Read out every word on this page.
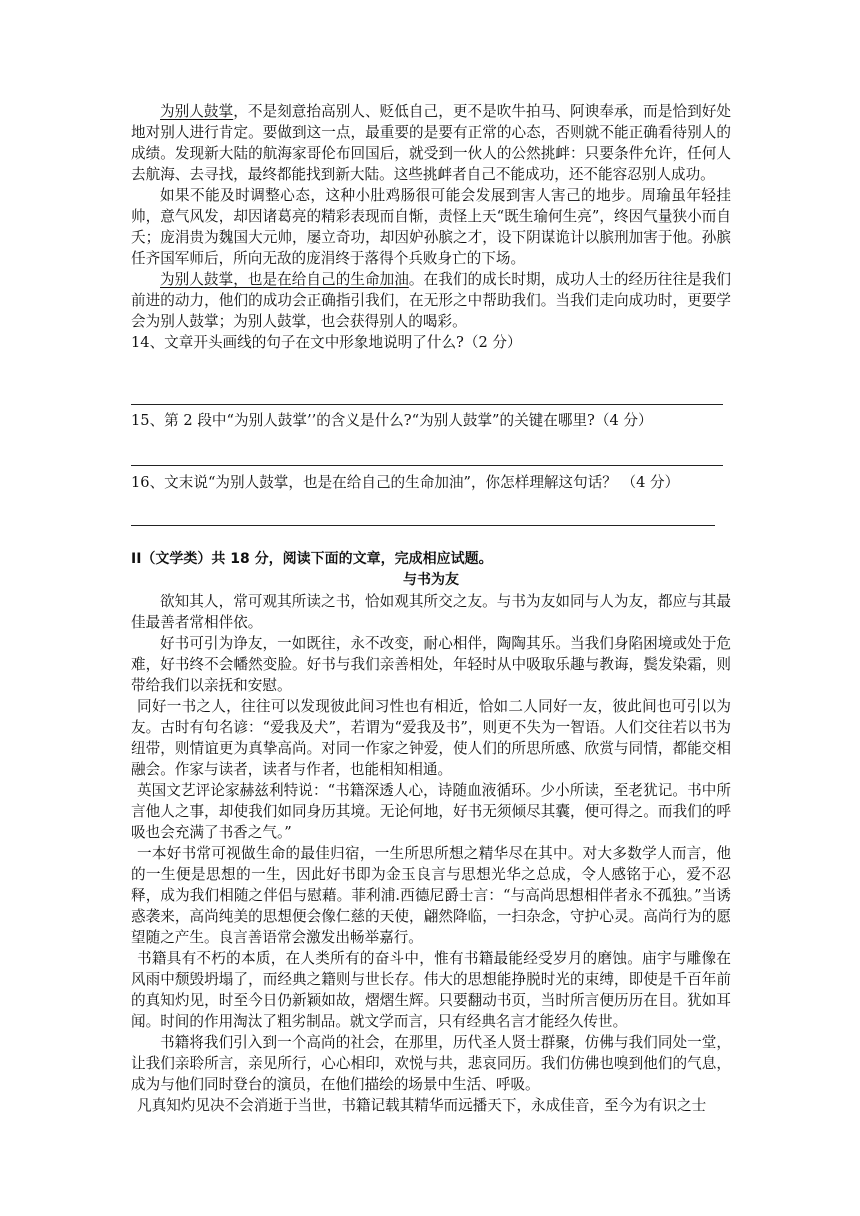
为别人鼓掌，不是刻意抬高别人、贬低自己，更不是吹牛拍马、阿谀奉承，而是恰到好处地对别人进行肯定。要做到这一点，最重要的是要有正常的心态，否则就不能正确看待别人的成绩。发现新大陆的航海家哥伦布回国后，就受到一伙人的公然挑衅：只要条件允许，任何人去航海、去寻找，最终都能找到新大陆。这些挑衅者自己不能成功，还不能容忍别人成功。

如果不能及时调整心态，这种小肚鸡肠很可能会发展到害人害己的地步。周瑜虽年轻挂帅，意气风发，却因诸葛亮的精彩表现而自惭，责怪上天“既生瑜何生亮”，终因气量狭小而自夭；庞涓贵为魏国大元帅，屡立奇功，却因妒孙膑之才，设下阴谋诡计以膑刑加害于他。孙膑任齐国军师后，所向无敌的庞涓终于落得个兵败身亡的下场。

为别人鼓掌，也是在给自己的生命加油。在我们的成长时期，成功人士的经历往往是我们前进的动力，他们的成功会正确指引我们，在无形之中帮助我们。当我们走向成功时，更要学会为别人鼓掌；为别人鼓掌，也会获得别人的喝彩。

14、文章开头画线的句子在文中形象地说明了什么?（2 分）

15、第 2 段中“为别人鼓掌’’的含义是什么?“为别人鼓掌”的关键在哪里?（4 分）

16、文末说“为别人鼓掌，也是在给自己的生命加油”，你怎样理解这句话？ （4 分）

II（文学类）共 18 分，阅读下面的文章，完成相应试题。

与书为友

欲知其人，常可观其所读之书，恰如观其所交之友。与书为友如同与人为友，都应与其最佳最善者常相伴依。

好书可引为诤友，一如既往，永不改变，耐心相伴，陶陶其乐。当我们身陷困境或处于危难，好书终不会幡然变脸。好书与我们亲善相处，年轻时从中吸取乐趣与教诲，鬓发染霜，则带给我们以亲抚和安慰。

同好一书之人，往往可以发现彼此间习性也有相近，恰如二人同好一友，彼此间也可引以为友。古时有句名谚：“爱我及犬”，若谓为“爱我及书”，则更不失为一智语。人们交往若以书为纽带，则情谊更为真挚高尚。对同一作家之钟爱，使人们的所思所感、欣赏与同情，都能交相融会。作家与读者，读者与作者，也能相知相通。

英国文艺评论家赫兹利特说：“书籍深透人心，诗随血液循环。少小所读，至老犹记。书中所言他人之事，却使我们如同身历其境。无论何地，好书无须倾尽其囊，便可得之。而我们的呼吸也会充满了书香之气。”

一本好书常可视做生命的最佳归宿，一生所思所想之精华尽在其中。对大多数学人而言，他的一生便是思想的一生，因此好书即为金玉良言与思想光华之总成，令人感铭于心，爱不忍释，成为我们相随之伴侣与慰藉。菲利浦.西德尼爵士言：“与高尚思想相伴者永不孤独。”当诱惑袭来，高尚纯美的思想便会像仁慈的天使，翩然降临，一扫杂念，守护心灵。高尚行为的愿望随之产生。良言善语常会激发出畅举嘉行。

书籍具有不朽的本质，在人类所有的奋斗中，惟有书籍最能经受岁月的磨蚀。庙宇与雕像在风雨中颓毁坍塌了，而经典之籍则与世长存。伟大的思想能挣脱时光的束缚，即使是千百年前的真知灼见，时至今日仍新颖如故，熠熠生辉。只要翻动书页，当时所言便历历在目。犹如耳闻。时间的作用淘汰了粗劣制品。就文学而言，只有经典名言才能经久传世。

书籍将我们引入到一个高尚的社会，在那里，历代圣人贤士群聚，仿佛与我们同处一堂，让我们亲聆所言，亲见所行，心心相印，欢悦与共，悲哀同历。我们仿佛也嗅到他们的气息，成为与他们同时登台的演员，在他们描绘的场景中生活、呼吸。

凡真知灼见决不会消逝于当世，书籍记载其精华而远播天下，永成佳音，至今为有识之士
